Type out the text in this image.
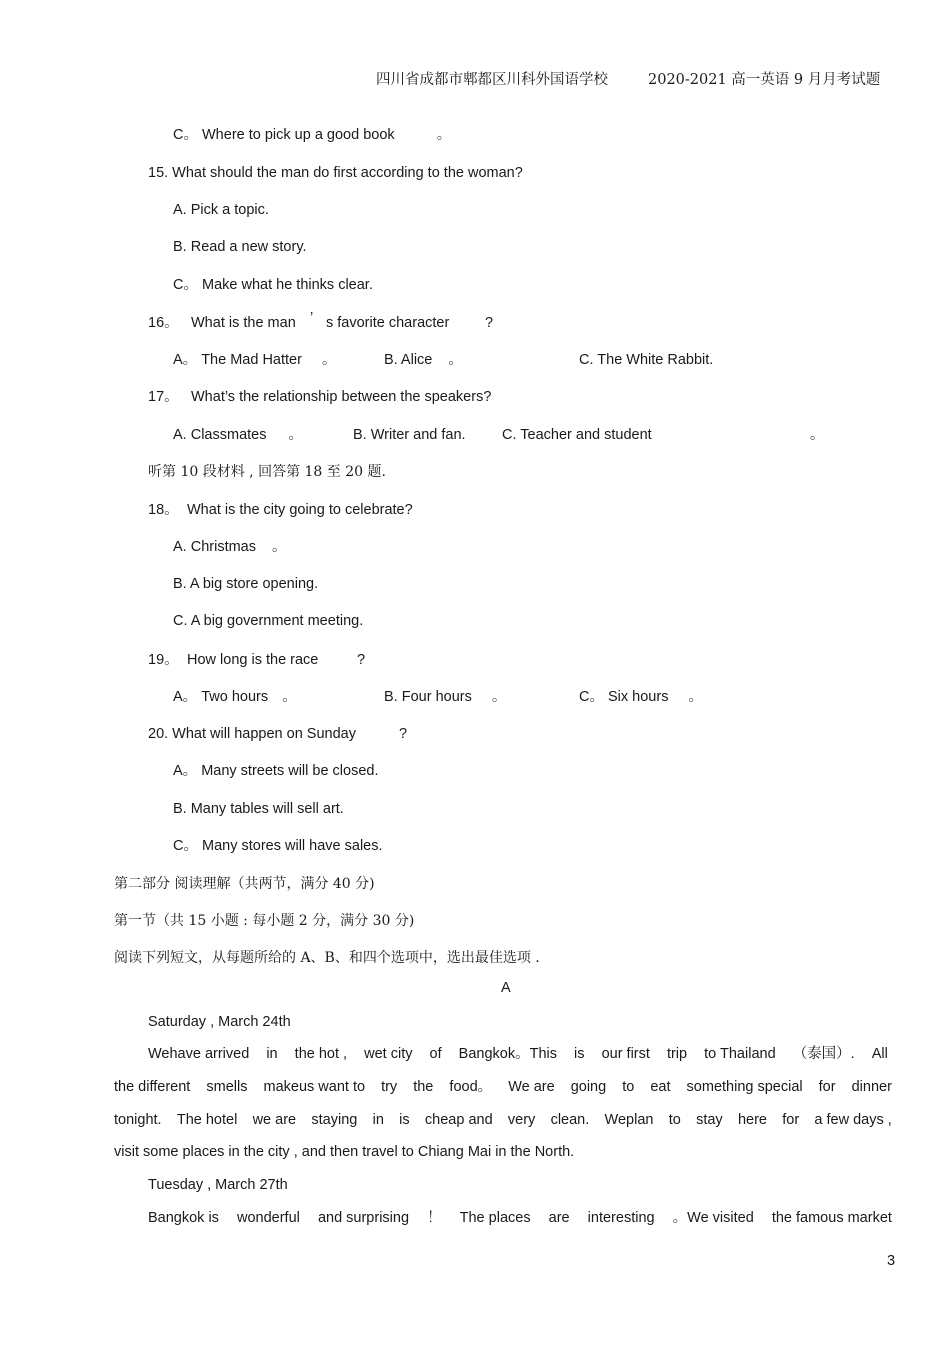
四川省成都市郫都区川科外国语学校	2020-2021 高一英语 9 月月考试题
C。 Where to pick up a good book	。
15. What should the man do first according to the woman?
A. Pick a topic.
B. Read a new story.
C。 Make what he thinks clear.
16。 What is the man ’ s favorite character ?
A。 The Mad Hatter 。	B. Alice 。	C. The White Rabbit.
17。 What’s the relationship between the speakers?
A. Classmates 。	B. Writer and fan.	C. Teacher and student	。
听第 10 段材料 , 回答第 18 至 20 题.
18。 What is the city going to celebrate?
A. Christmas 。
B. A big store opening.
C. A big government meeting.
19。 How long is the race	?
A。 Two hours 。	B. Four hours 。	C。 Six hours 。
20. What will happen on Sunday	?
A。 Many streets will be closed.
B. Many tables will sell art.
C。 Many stores will have sales.
第二部分 阅读理解（共两节，满分 40 分)
第一节（共 15 小题 : 每小题 2 分，满分 30 分)
阅读下列短文，从每题所给的 A、B、和四个选项中，选出最佳选项 .
A
Saturday , March 24th
Wehave arrived in the hot , wet city of Bangkok。This is our first trip to Thailand （泰国）. All
the different smells makeus want to try the food。 We are going to eat something special for dinner
tonight. The hotel we are staying in is cheap and very clean. Weplan to stay here for a few days ,
visit some places in the city , and then travel to Chiang Mai in the North.
Tuesday , March 27th
Bangkok is wonderful and surprising ！ The places are interesting 。We visited the famous market
3
